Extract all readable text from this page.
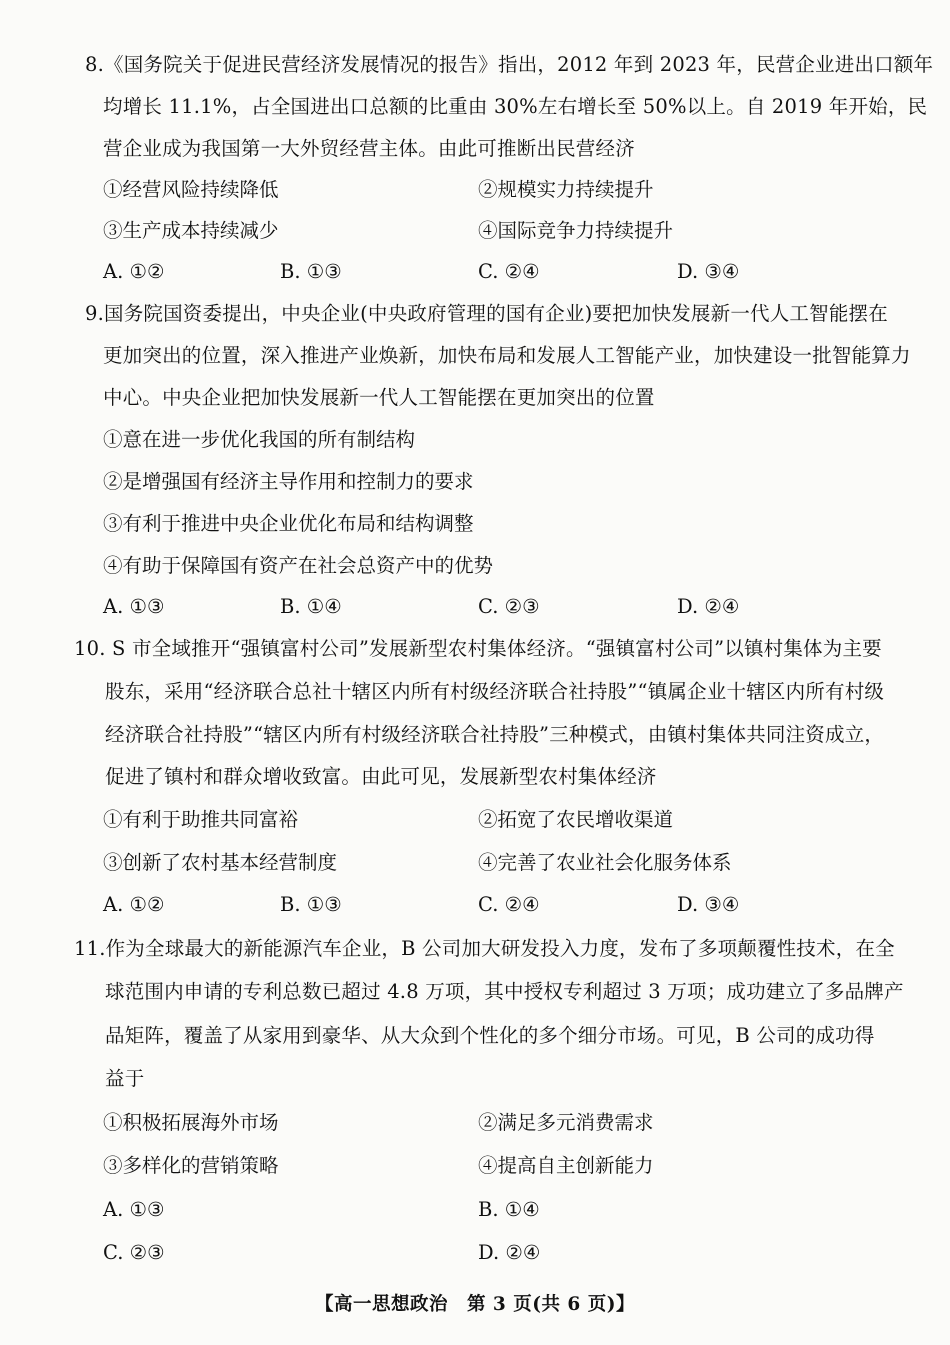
8.《国务院关于促进民营经济发展情况的报告》指出，2012 年到 2023 年，民营企业进出口额年
均增长 11.1%，占全国进出口总额的比重由 30%左右增长至 50%以上。自 2019 年开始，民
营企业成为我国第一大外贸经营主体。由此可推断出民营经济
①经营风险持续降低	②规模实力持续提升
③生产成本持续减少	④国际竞争力持续提升
A. ①②	B. ①③	C. ②④	D. ③④
9.国务院国资委提出，中央企业(中央政府管理的国有企业)要把加快发展新一代人工智能摆在
更加突出的位置，深入推进产业焕新，加快布局和发展人工智能产业，加快建设一批智能算力
中心。中央企业把加快发展新一代人工智能摆在更加突出的位置
①意在进一步优化我国的所有制结构
②是增强国有经济主导作用和控制力的要求
③有利于推进中央企业优化布局和结构调整
④有助于保障国有资产在社会总资产中的优势
A. ①③	B. ①④	C. ②③	D. ②④
10. S 市全域推开“强镇富村公司”发展新型农村集体经济。“强镇富村公司”以镇村集体为主要
股东，采用“经济联合总社十辖区内所有村级经济联合社持股”“镇属企业十辖区内所有村级
经济联合社持股”“辖区内所有村级经济联合社持股”三种模式，由镇村集体共同注资成立，
促进了镇村和群众增收致富。由此可见，发展新型农村集体经济
①有利于助推共同富裕	②拓宽了农民增收渠道
③创新了农村基本经营制度	④完善了农业社会化服务体系
A. ①②	B. ①③	C. ②④	D. ③④
11.作为全球最大的新能源汽车企业，B 公司加大研发投入力度，发布了多项颠覆性技术，在全
球范围内申请的专利总数已超过 4.8 万项，其中授权专利超过 3 万项；成功建立了多品牌产
品矩阵，覆盖了从家用到豪华、从大众到个性化的多个细分市场。可见，B 公司的成功得
益于
①积极拓展海外市场	②满足多元消费需求
③多样化的营销策略	④提高自主创新能力
A. ①③	B. ①④
C. ②③	D. ②④
【高一思想政治　第 3 页(共 6 页)】
